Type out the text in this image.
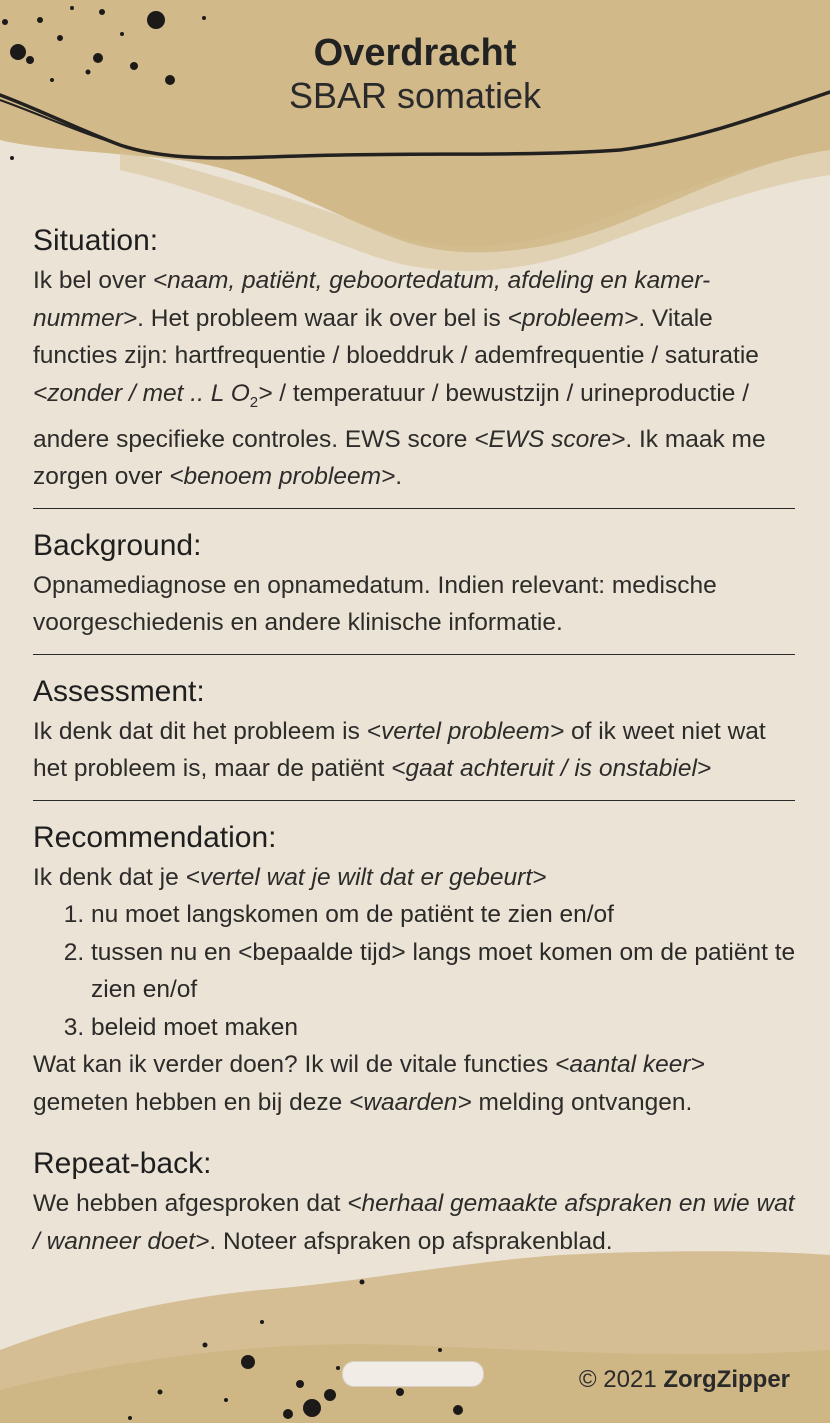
Overdracht
SBAR somatiek
Situation:
Ik bel over <naam, patiënt, geboortedatum, afdeling en kamer-nummer>. Het probleem waar ik over bel is <probleem>. Vitale functies zijn: hartfrequentie / bloeddruk / ademfrequentie / saturatie <zonder / met .. L $O_2>$ / temperatuur / bewustzijn / urineproductie / andere specifieke controles. EWS score <EWS score>. Ik maak me zorgen over <benoem probleem>.
Background:
Opnamediagnose en opnamedatum. Indien relevant: medische voorgeschiedenis en andere klinische informatie.
Assessment:
Ik denk dat dit het probleem is <vertel probleem> of ik weet niet wat het probleem is, maar de patiënt <gaat achteruit / is onstabiel>
Recommendation:
Ik denk dat je <vertel wat je wilt dat er gebeurt>
1. nu moet langskomen om de patiënt te zien en/of
2. tussen nu en <bepaalde tijd> langs moet komen om de patiënt te zien en/of
3. beleid moet maken
Wat kan ik verder doen? Ik wil de vitale functies <aantal keer> gemeten hebben en bij deze <waarden> melding ontvangen.
Repeat-back:
We hebben afgesproken dat <herhaal gemaakte afspraken en wie wat / wanneer doet>. Noteer afspraken op afsprakenblad.
© 2021 ZorgZipper
